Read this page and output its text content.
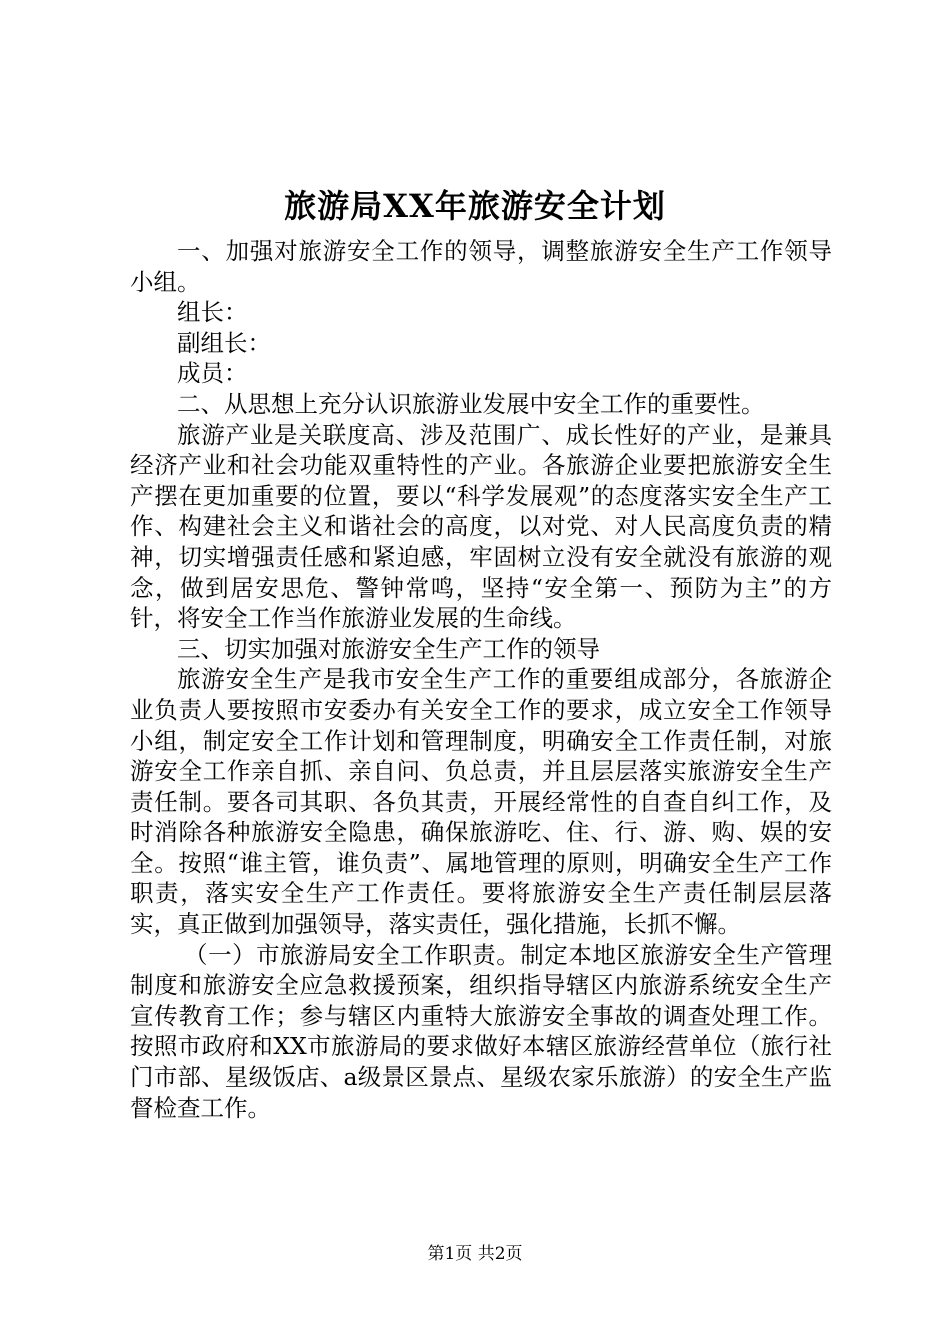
旅游局XX年旅游安全计划

一、加强对旅游安全工作的领导，调整旅游安全生产工作领导小组。

组长：

副组长：

成员：

二、从思想上充分认识旅游业发展中安全工作的重要性。

旅游产业是关联度高、涉及范围广、成长性好的产业，是兼具经济产业和社会功能双重特性的产业。各旅游企业要把旅游安全生产摆在更加重要的位置，要以“科学发展观”的态度落实安全生产工作、构建社会主义和谐社会的高度，以对党、对人民高度负责的精神，切实增强责任感和紧迫感，牢固树立没有安全就没有旅游的观念，做到居安思危、警钟常鸣，坚持“安全第一、预防为主”的方针，将安全工作当作旅游业发展的生命线。

三、切实加强对旅游安全生产工作的领导

旅游安全生产是我市安全生产工作的重要组成部分，各旅游企业负责人要按照市安委办有关安全工作的要求，成立安全工作领导小组，制定安全工作计划和管理制度，明确安全工作责任制，对旅游安全工作亲自抓、亲自问、负总责，并且层层落实旅游安全生产责任制。要各司其职、各负其责，开展经常性的自查自纠工作，及时消除各种旅游安全隐患，确保旅游吃、住、行、游、购、娱的安全。按照“谁主管，谁负责”、属地管理的原则，明确安全生产工作职责，落实安全生产工作责任。要将旅游安全生产责任制层层落实，真正做到加强领导，落实责任，强化措施，长抓不懈。

（一）市旅游局安全工作职责。制定本地区旅游安全生产管理制度和旅游安全应急救援预案，组织指导辖区内旅游系统安全生产宣传教育工作；参与辖区内重特大旅游安全事故的调查处理工作。按照市政府和XX市旅游局的要求做好本辖区旅游经营单位（旅行社门市部、星级饭店、a级景区景点、星级农家乐旅游）的安全生产监督检查工作。

第1页 共2页
